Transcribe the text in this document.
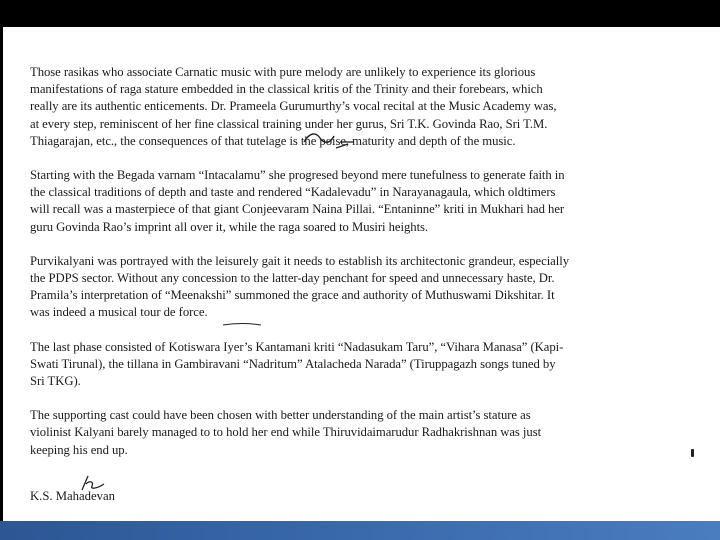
Those rasikas who associate Carnatic music with pure melody are unlikely to experience its glorious
manifestations of raga stature embedded in the classical kritis of the Trinity and their forebears, which
really are its authentic enticements. Dr. Prameela Gurumurthy’s vocal recital at the Music Academy was,
at every step, reminiscent of her fine classical training under her gurus, Sri T.K. Govinda Rao, Sri T.M.
Thiagarajan, etc., the consequences of that tutelage is the poise, maturity and depth of the music.
Starting with the Begada varnam “Intacalamu” she progresed beyond mere tunefulness to generate faith in
the classical traditions of depth and taste and rendered “Kadalevadu” in Narayanagaula, which oldtimers
will recall was a masterpiece of that giant Conjeevaram Naina Pillai. “Entaninne” kriti in Mukhari had her
guru Govinda Rao’s imprint all over it, while the raga soared to Musiri heights.
Purvikalyani was portrayed with the leisurely gait it needs to establish its architectonic grandeur, especially
the PDPS sector. Without any concession to the latter-day penchant for speed and unnecessary haste, Dr.
Pramila’s interpretation of “Meenakshi” summoned the grace and authority of Muthuswami Dikshitar. It
was indeed a musical tour de force.
The last phase consisted of Kotiswara Iyer’s Kantamani kriti “Nadasukam Taru”, “Vihara Manasa” (Kapi-
Swati Tirunal), the tillana in Gambiravani “Nadritum” Atalacheda Narada” (Tiruppagazh songs tuned by
Sri TKG).
The supporting cast could have been chosen with better understanding of the main artist’s stature as
violinist Kalyani barely managed to to hold her end while Thiruvidaimarudur Radhakrishnan was just
keeping his end up.
K.S. Mahadevan
